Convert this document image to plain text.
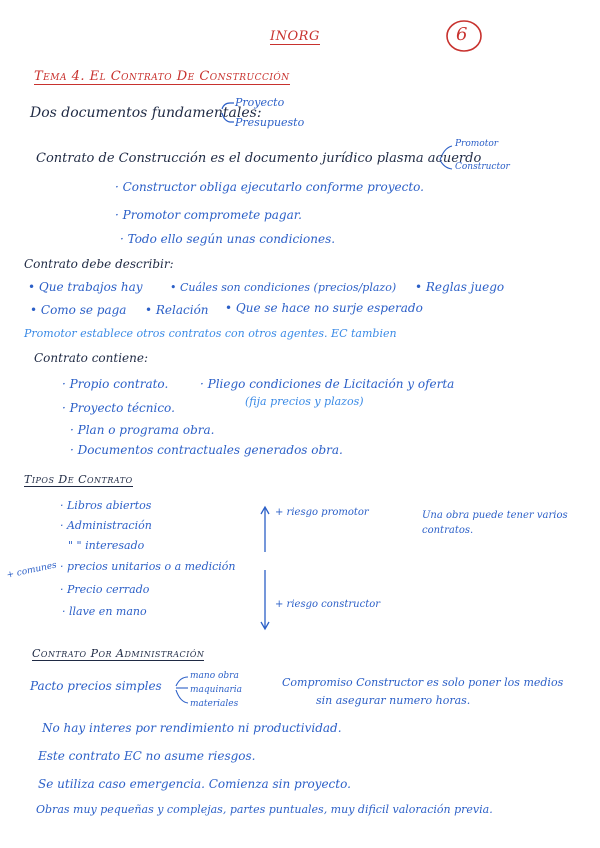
INORG	6
Tema 4. El Contrato De Construcción
Dos documentos fundamentales:
Proyecto
Presupuesto
Contrato de Construcción es el documento jurídico plasma acuerdo
Promotor
Constructor
· Constructor obliga ejecutarlo conforme proyecto.
· Promotor compromete pagar.
· Todo ello según unas condiciones.
Contrato debe describir:
• Que trabajos hay • Cuáles son condiciones (precios/plazo) • Reglas juego
• Como se paga • Relación • Que se hace no surje esperado
Promotor establece otros contratos con otros agentes. EC tambien
Contrato contiene:
· Propio contrato.
· Proyecto técnico.
· Plan o programa obra.
· Documentos contractuales generados obra.
· Pliego condiciones de Licitación y oferta
(fija precios y plazos)
Tipos De Contrato
· Libros abiertos
· Administración
" " interesado
· precios unitarios o a medición
· Precio cerrado
· llave en mano
+ comunes
+ riesgo promotor
+ riesgo constructor
Una obra puede tener varios
contratos.
Contrato Por Administración
Pacto precios simples
mano obra
maquinaria
materiales
Compromiso Constructor es solo poner los medios
sin asegurar numero horas.
No hay interes por rendimiento ni productividad.
Este contrato EC no asume riesgos.
Se utiliza caso emergencia. Comienza sin proyecto.
Obras muy pequeñas y complejas, partes puntuales, muy dificil valoración previa.
